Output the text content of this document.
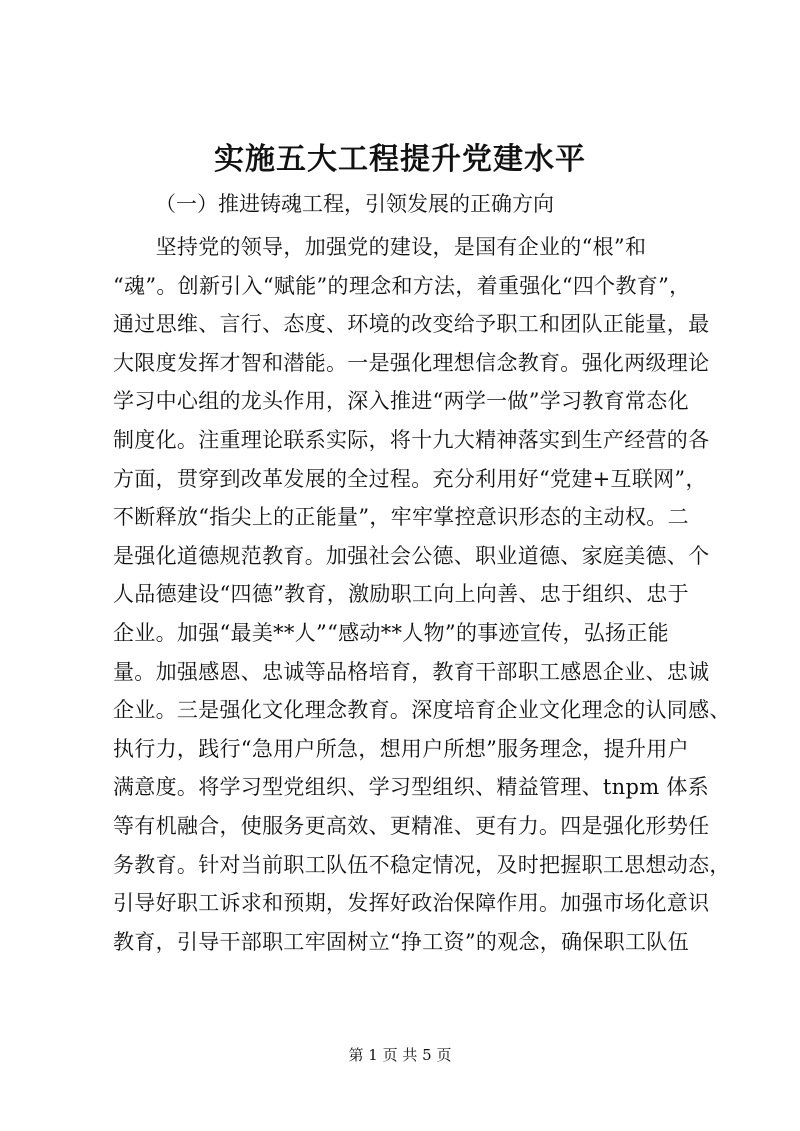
实施五大工程提升党建水平

（一）推进铸魂工程，引领发展的正确方向

　　坚持党的领导，加强党的建设，是国有企业的“根”和
“魂”。创新引入“赋能”的理念和方法，着重强化“四个教育”，
通过思维、言行、态度、环境的改变给予职工和团队正能量，最
大限度发挥才智和潜能。一是强化理想信念教育。强化两级理论
学习中心组的龙头作用，深入推进“两学一做”学习教育常态化
制度化。注重理论联系实际，将十九大精神落实到生产经营的各
方面，贯穿到改革发展的全过程。充分利用好“党建+互联网”，
不断释放“指尖上的正能量”，牢牢掌控意识形态的主动权。二
是强化道德规范教育。加强社会公德、职业道德、家庭美德、个
人品德建设“四德”教育，激励职工向上向善、忠于组织、忠于
企业。加强“最美**人”“感动**人物”的事迹宣传，弘扬正能
量。加强感恩、忠诚等品格培育，教育干部职工感恩企业、忠诚
企业。三是强化文化理念教育。深度培育企业文化理念的认同感、
执行力，践行“急用户所急，想用户所想”服务理念，提升用户
满意度。将学习型党组织、学习型组织、精益管理、tnpm 体系
等有机融合，使服务更高效、更精准、更有力。四是强化形势任
务教育。针对当前职工队伍不稳定情况，及时把握职工思想动态，
引导好职工诉求和预期，发挥好政治保障作用。加强市场化意识
教育，引导干部职工牢固树立“挣工资”的观念，确保职工队伍

第 1 页 共 5 页
